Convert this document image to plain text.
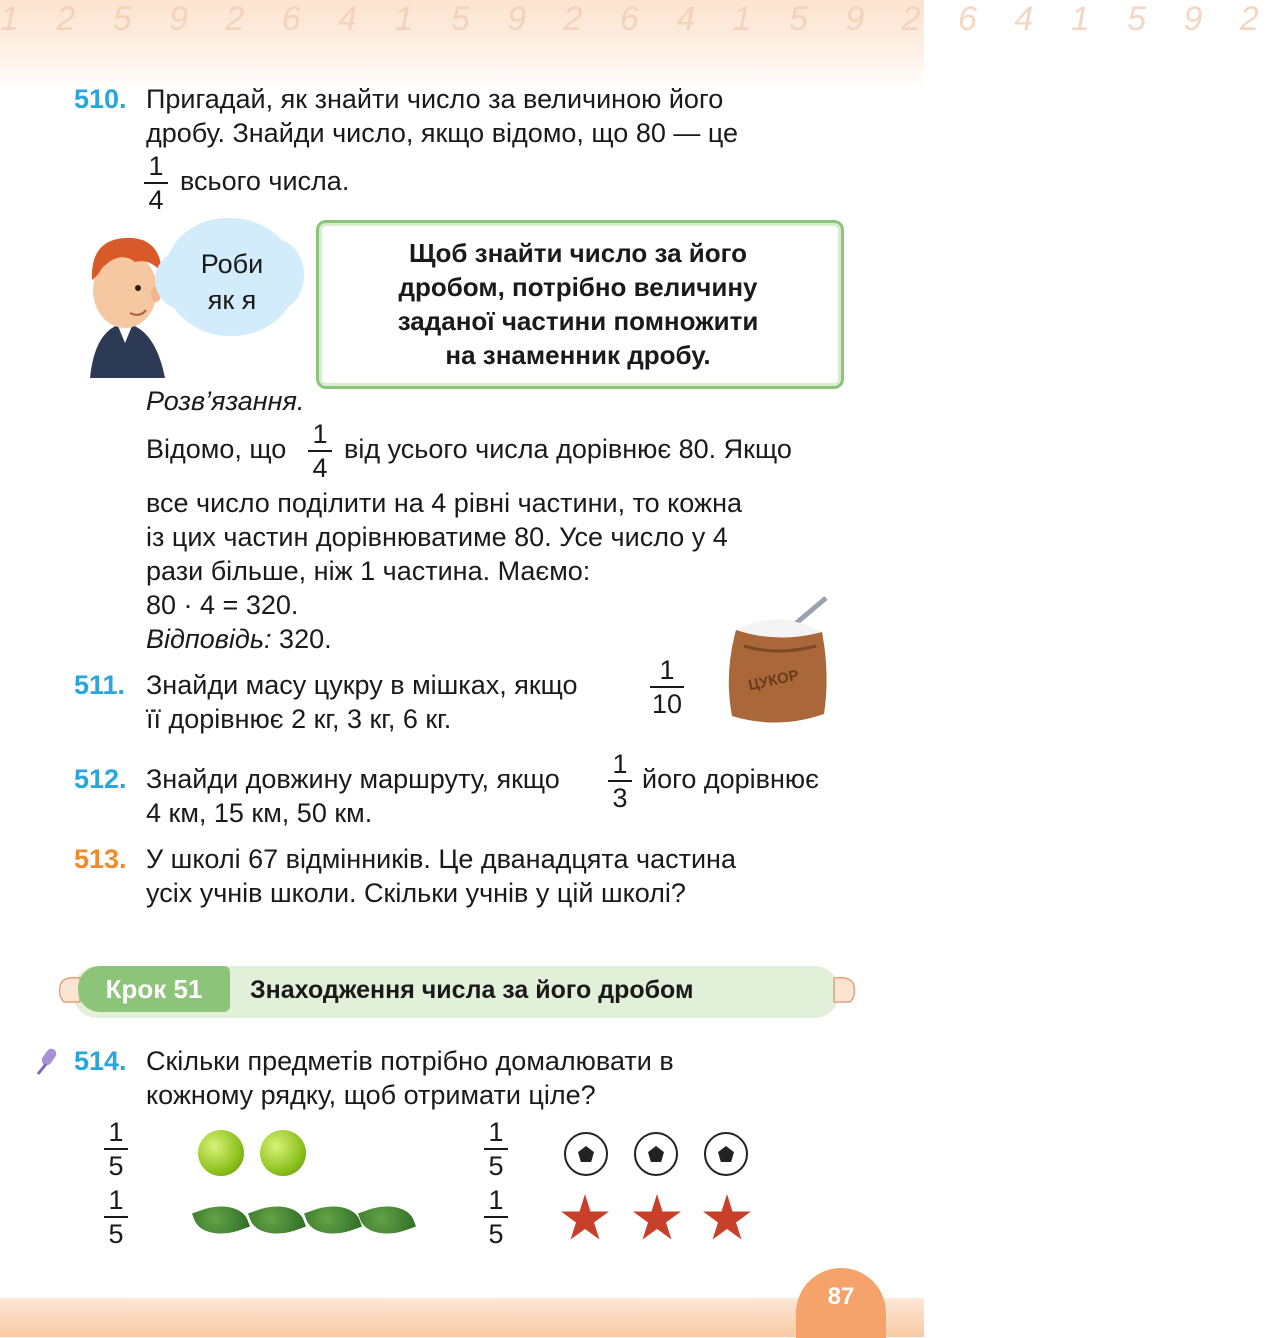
1 2 5 9 2 6 4 1 5 9 2 6 4 1 5 9 2 6 4 1 5 9 2
510. Пригадай, як знайти число за величиною його
дробу. Знайди число, якщо відомо, що 80 — це
1
4
всього числа.
Роби
як я
Щоб знайти число за його
дробом, потрібно величину
заданої частини помножити
на знаменник дробу.
Розв’язання.
Відомо, що 1
4
від усього числа дорівнює 80. Якщо
все число поділити на 4 рівні частини, то кожна
із цих частин дорівнюватиме 80. Усе число у 4
рази більше, ніж 1 частина. Маємо:
80 · 4 = 320.
Відповідь: 320.
ЦУКОР
511. Знайди масу цукру в мішках, якщо	1
10
її дорівнює 2 кг, 3 кг, 6 кг.
512. Знайди довжину маршруту, якщо 1
3
його дорівнює
4 км, 15 км, 50 км.
513. У школі 67 відмінників. Це дванадцята частина
усіх учнів школи. Скільки учнів у цій школі?
Крок 51	Знаходження числа за його дробом
514. Скільки предметів потрібно домалювати в
кожному рядку, щоб отримати ціле?
1
5
1
5
1
5
1
5
87
